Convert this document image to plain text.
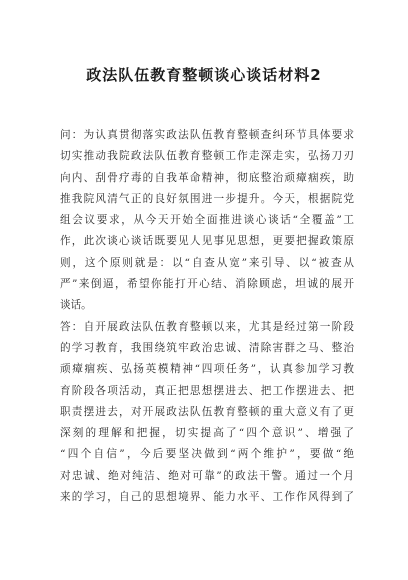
政法队伍教育整顿谈心谈话材料2
问：为认真贯彻落实政法队伍教育整顿查纠环节具体要求
切实推动我院政法队伍教育整顿工作走深走实，弘扬刀刃
向内、刮骨疗毒的自我革命精神，彻底整治顽瘴痼疾，助
推我院风清气正的良好氛围进一步提升。今天，根据院党
组会议要求，从今天开始全面推进谈心谈话“全覆盖”工
作，此次谈心谈话既要见人见事见思想，更要把握政策原
则，这个原则就是：以“自查从宽”来引导、以“被查从
严”来倒逼，希望你能打开心结、消除顾虑，坦诚的展开
谈话。
答：自开展政法队伍教育整顿以来，尤其是经过第一阶段
的学习教育，我围绕筑牢政治忠诚、清除害群之马、整治
顽瘴痼疾、弘扬英模精神“四项任务”，认真参加学习教
育阶段各项活动，真正把思想摆进去、把工作摆进去、把
职责摆进去，对开展政法队伍教育整顿的重大意义有了更
深刻的理解和把握，切实提高了“四个意识”、增强了
“四个自信”，今后要坚决做到“两个维护”，要做“绝
对忠诚、绝对纯洁、绝对可靠”的政法干警。通过一个月
来的学习，自己的思想境界、能力水平、工作作风得到了
